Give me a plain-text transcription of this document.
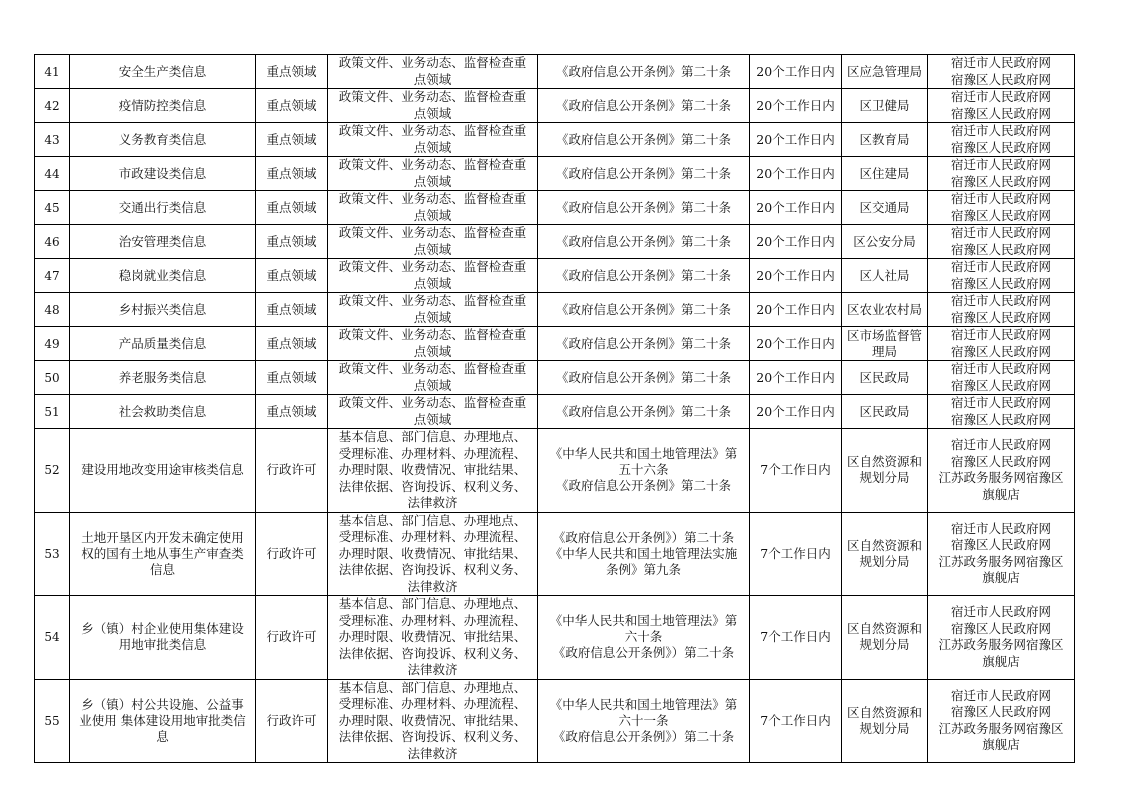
41	安全生产类信息	重点领域	政策文件、业务动态、监督检查重
点领域	《政府信息公开条例》第二十条	20个工作日内	区应急管理局	宿迁市人民政府网
宿豫区人民政府网

42	疫情防控类信息	重点领域	政策文件、业务动态、监督检查重
点领域	《政府信息公开条例》第二十条	20个工作日内	区卫健局	宿迁市人民政府网
宿豫区人民政府网

43	义务教育类信息	重点领域	政策文件、业务动态、监督检查重
点领域	《政府信息公开条例》第二十条	20个工作日内	区教育局	宿迁市人民政府网
宿豫区人民政府网

44	市政建设类信息	重点领域	政策文件、业务动态、监督检查重
点领域	《政府信息公开条例》第二十条	20个工作日内	区住建局	宿迁市人民政府网
宿豫区人民政府网

45	交通出行类信息	重点领域	政策文件、业务动态、监督检查重
点领域	《政府信息公开条例》第二十条	20个工作日内	区交通局	宿迁市人民政府网
宿豫区人民政府网

46	治安管理类信息	重点领域	政策文件、业务动态、监督检查重
点领域	《政府信息公开条例》第二十条	20个工作日内	区公安分局	宿迁市人民政府网
宿豫区人民政府网

47	稳岗就业类信息	重点领域	政策文件、业务动态、监督检查重
点领域	《政府信息公开条例》第二十条	20个工作日内	区人社局	宿迁市人民政府网
宿豫区人民政府网

48	乡村振兴类信息	重点领域	政策文件、业务动态、监督检查重
点领域	《政府信息公开条例》第二十条	20个工作日内	区农业农村局	宿迁市人民政府网
宿豫区人民政府网

49	产品质量类信息	重点领域	政策文件、业务动态、监督检查重
点领域	《政府信息公开条例》第二十条	20个工作日内	区市场监督管
理局	宿迁市人民政府网
宿豫区人民政府网

50	养老服务类信息	重点领域	政策文件、业务动态、监督检查重
点领域	《政府信息公开条例》第二十条	20个工作日内	区民政局	宿迁市人民政府网
宿豫区人民政府网

51	社会救助类信息	重点领域	政策文件、业务动态、监督检查重
点领域	《政府信息公开条例》第二十条	20个工作日内	区民政局	宿迁市人民政府网
宿豫区人民政府网

52	建设用地改变用途审核类信息	行政许可	基本信息、部门信息、办理地点、
受理标准、办理材料、办理流程、
办理时限、收费情况、审批结果、
法律依据、咨询投诉、权利义务、
法律救济	《中华人民共和国土地管理法》第
五十六条
《政府信息公开条例》第二十条	7个工作日内	区自然资源和
规划分局	宿迁市人民政府网
宿豫区人民政府网
江苏政务服务网宿豫区
旗舰店

53	土地开垦区内开发未确定使用
权的国有土地从事生产审查类
信息	行政许可	基本信息、部门信息、办理地点、
受理标准、办理材料、办理流程、
办理时限、收费情况、审批结果、
法律依据、咨询投诉、权利义务、
法律救济	《政府信息公开条例》）第二十条
《中华人民共和国土地管理法实施
条例》第九条	7个工作日内	区自然资源和
规划分局	宿迁市人民政府网
宿豫区人民政府网
江苏政务服务网宿豫区
旗舰店

54	乡（镇）村企业使用集体建设
用地审批类信息	行政许可	基本信息、部门信息、办理地点、
受理标准、办理材料、办理流程、
办理时限、收费情况、审批结果、
法律依据、咨询投诉、权利义务、
法律救济	《中华人民共和国土地管理法》第
六十条
《政府信息公开条例》）第二十条	7个工作日内	区自然资源和
规划分局	宿迁市人民政府网
宿豫区人民政府网
江苏政务服务网宿豫区
旗舰店

55	乡（镇）村公共设施、公益事
业使用 集体建设用地审批类信
息	行政许可	基本信息、部门信息、办理地点、
受理标准、办理材料、办理流程、
办理时限、收费情况、审批结果、
法律依据、咨询投诉、权利义务、
法律救济	《中华人民共和国土地管理法》第
六十一条
《政府信息公开条例》）第二十条	7个工作日内	区自然资源和
规划分局	宿迁市人民政府网
宿豫区人民政府网
江苏政务服务网宿豫区
旗舰店
